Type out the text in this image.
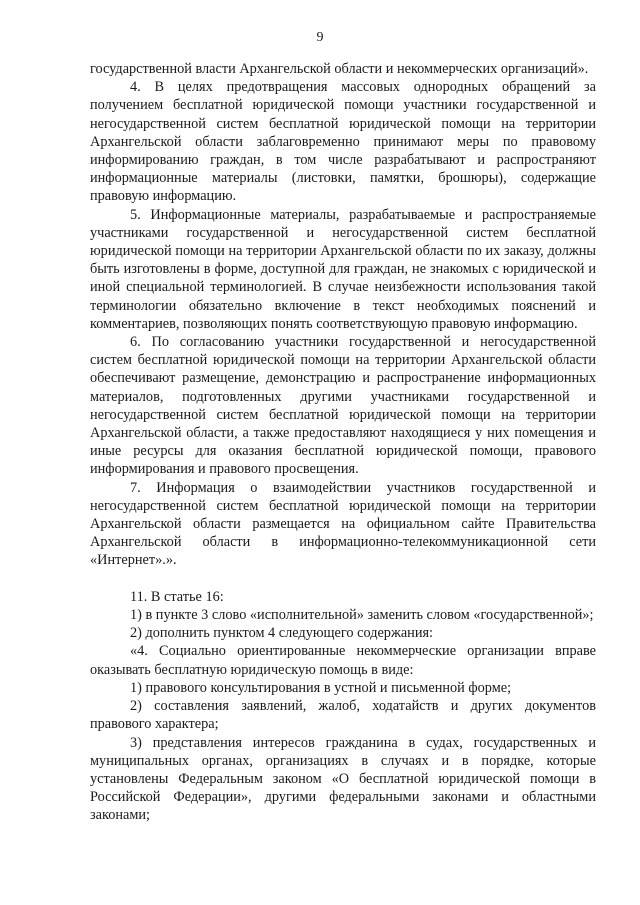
9

государственной власти Архангельской области и некоммерческих организаций».

4. В целях предотвращения массовых однородных обращений за получением бесплатной юридической помощи участники государственной и негосударственной систем бесплатной юридической помощи на территории Архангельской области заблаговременно принимают меры по правовому информированию граждан, в том числе разрабатывают и распространяют информационные материалы (листовки, памятки, брошюры), содержащие правовую информацию.

5. Информационные материалы, разрабатываемые и распространяемые участниками государственной и негосударственной систем бесплатной юридической помощи на территории Архангельской области по их заказу, должны быть изготовлены в форме, доступной для граждан, не знакомых с юридической и иной специальной терминологией. В случае неизбежности использования такой терминологии обязательно включение в текст необходимых пояснений и комментариев, позволяющих понять соответствующую правовую информацию.

6. По согласованию участники государственной и негосударственной систем бесплатной юридической помощи на территории Архангельской области обеспечивают размещение, демонстрацию и распространение информационных материалов, подготовленных другими участниками государственной и негосударственной систем бесплатной юридической помощи на территории Архангельской области, а также предоставляют находящиеся у них помещения и иные ресурсы для оказания бесплатной юридической помощи, правового информирования и правового просвещения.

7. Информация о взаимодействии участников государственной и негосударственной систем бесплатной юридической помощи на территории Архангельской области размещается на официальном сайте Правительства Архангельской области в информационно-телекоммуникационной сети «Интернет».».

11. В статье 16:

1) в пункте 3 слово «исполнительной» заменить словом «государственной»;

2) дополнить пунктом 4 следующего содержания:

«4. Социально ориентированные некоммерческие организации вправе оказывать бесплатную юридическую помощь в виде:

1) правового консультирования в устной и письменной форме;

2) составления заявлений, жалоб, ходатайств и других документов правового характера;

3) представления интересов гражданина в судах, государственных и муниципальных органах, организациях в случаях и в порядке, которые установлены Федеральным законом «О бесплатной юридической помощи в Российской Федерации», другими федеральными законами и областными законами;
